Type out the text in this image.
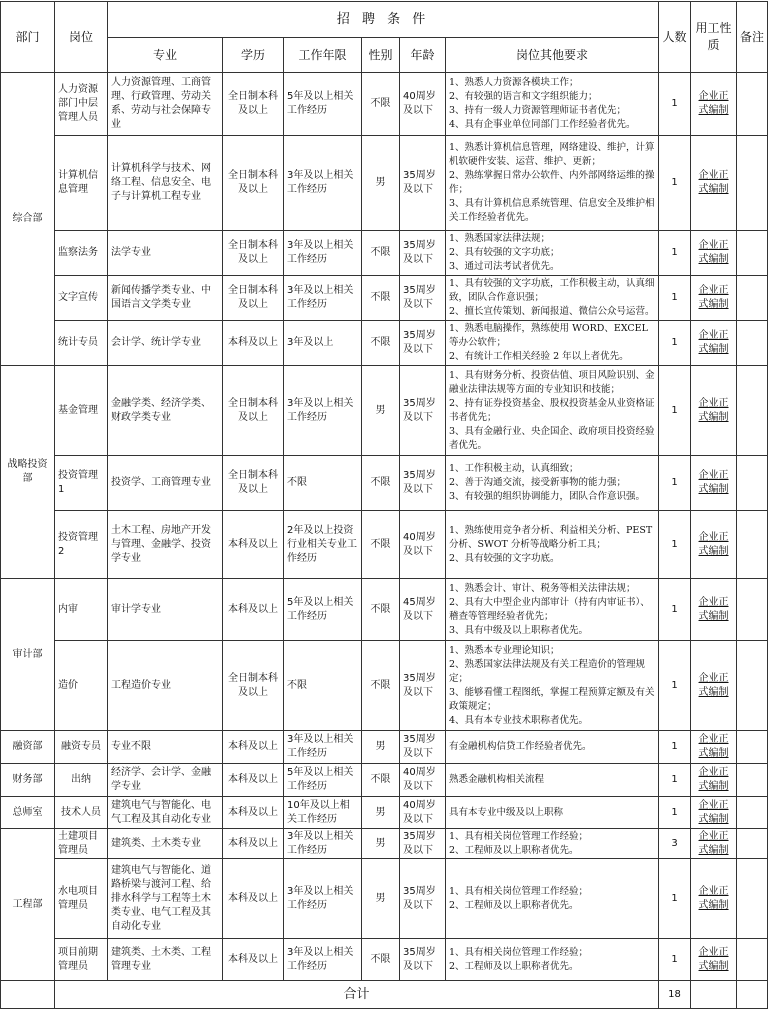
部门	岗位	招 聘 条 件						人数	用工性质	备注
		专业	学历	工作年限	性别	年龄	岗位其他要求			
综合部	人力资源部门中层管理人员	人力资源管理、工商管理、行政管理、劳动关系、劳动与社会保障专业	全日制本科及以上	5年及以上相关工作经历	不限	40周岁及以下	1、熟悉人力资源各模块工作；
2、有较强的语言和文字组织能力；
3、持有一级人力资源管理师证书者优先；
4、具有企事业单位同部门工作经验者优先。	1	企业正式编制	
	计算机信息管理	计算机科学与技术、网络工程、信息安全、电子与计算机工程专业	全日制本科及以上	3年及以上相关工作经历	男	35周岁及以下	1、熟悉计算机信息管理，网络建设、维护，计算机软硬件安装、运营、维护、更新；
2、熟练掌握日常办公软件、内外部网络运维的操作；
3、具有计算机信息系统管理、信息安全及维护相关工作经验者优先。	1	企业正式编制	
	监察法务	法学专业	全日制本科及以上	3年及以上相关工作经历	不限	35周岁及以下	1、熟悉国家法律法规；
2、具有较强的文字功底；
3、通过司法考试者优先。	1	企业正式编制	
	文字宣传	新闻传播学类专业、中国语言文学类专业	全日制本科及以上	3年及以上相关工作经历	不限	35周岁及以下	1、具有较强的文字功底，工作积极主动，认真细致，团队合作意识强；
2、擅长宣传策划、新闻报道、微信公众号运营。	1	企业正式编制	
	统计专员	会计学、统计学专业	本科及以上	3年及以上	不限	35周岁及以下	1、熟悉电脑操作，熟练使用 WORD、EXCEL 等办公软件；
2、有统计工作相关经验 2 年以上者优先。	1	企业正式编制	
战略投资部	基金管理	金融学类、经济学类、财政学类专业	全日制本科及以上	3年及以上相关工作经历	男	35周岁及以下	1、具有财务分析、投资估值、项目风险识别、金融业法律法规等方面的专业知识和技能；
2、持有证券投资基金、股权投资基金从业资格证书者优先；
3、具有金融行业、央企国企、政府项目投资经验者优先。	1	企业正式编制	
	投资管理1	投资学、工商管理专业	全日制本科及以上	不限	不限	35周岁及以下	1、工作积极主动，认真细致；
2、善于沟通交流，接受新事物的能力强；
3、有较强的组织协调能力，团队合作意识强。	1	企业正式编制	
	投资管理2	土木工程、房地产开发与管理、金融学、投资学专业	本科及以上	2年及以上投资行业相关专业工作经历	不限	40周岁及以下	1、熟练使用竞争者分析、利益相关分析、PEST 分析、SWOT 分析等战略分析工具；
2、具有较强的文字功底。	1	企业正式编制	
审计部	内审	审计学专业	本科及以上	5年及以上相关工作经历	不限	45周岁及以下	1、熟悉会计、审计、税务等相关法律法规；
2、具有大中型企业内部审计（持有内审证书）、稽查等管理经验者优先；
3、具有中级及以上职称者优先。	1	企业正式编制	
	造价	工程造价专业	全日制本科及以上	不限	不限	35周岁及以下	1、熟悉本专业理论知识；
2、熟悉国家法律法规及有关工程造价的管理规定；
3、能够看懂工程图纸，掌握工程预算定额及有关政策规定；
4、具有本专业技术职称者优先。	1	企业正式编制	
融资部	融资专员	专业不限	本科及以上	3年及以上相关工作经历	男	35周岁及以下	有金融机构信贷工作经验者优先。	1	企业正式编制	
财务部	出纳	经济学、会计学、金融学专业	本科及以上	5年及以上相关工作经历	不限	40周岁及以下	熟悉金融机构相关流程	1	企业正式编制	
总师室	技术人员	建筑电气与智能化、电气工程及其自动化专业	本科及以上	10年及以上相关工作经历	男	40周岁及以下	具有本专业中级及以上职称	1	企业正式编制	
工程部	土建项目管理员	建筑类、土木类专业	本科及以上	3年及以上相关工作经历	男	35周岁及以下	1、具有相关岗位管理工作经验；
2、工程师及以上职称者优先。	3	企业正式编制	
	水电项目管理员	建筑电气与智能化、道路桥梁与渡河工程、给排水科学与工程等土木类专业、电气工程及其自动化专业	本科及以上	3年及以上相关工作经历	男	35周岁及以下	1、具有相关岗位管理工作经验；
2、工程师及以上职称者优先。	1	企业正式编制	
	项目前期管理员	建筑类、土木类、工程管理专业	本科及以上	3年及以上相关工作经历	不限	35周岁及以下	1、具有相关岗位管理工作经验；
2、工程师及以上职称者优先。	1	企业正式编制	
	合计							18		
